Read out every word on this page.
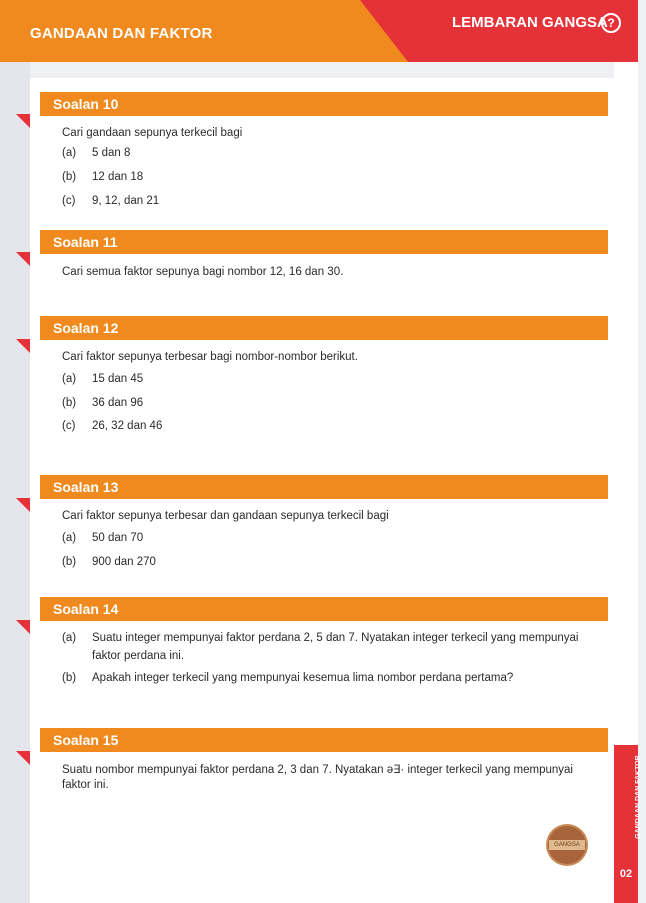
GANDAAN DAN FAKTOR
LEMBARAN GANGSA ?
GANDAAN DAN FAKTOR
02
Soalan 10
Cari gandaan sepunya terkecil bagi
(a) 5 dan 8
(b) 12 dan 18
(c) 9, 12, dan 21
Soalan 11
Cari semua faktor sepunya bagi nombor 12, 16 dan 30.
Soalan 12
Cari faktor sepunya terbesar bagi nombor-nombor berikut.
(a) 15 dan 45
(b) 36 dan 96
(c) 26, 32 dan 46
Soalan 13
Cari faktor sepunya terbesar dan gandaan sepunya terkecil bagi
(a) 50 dan 70
(b) 900 dan 270
Soalan 14
(a) Suatu integer mempunyai faktor perdana 2, 5 dan 7. Nyatakan integer terkecil yang mempunyai
faktor perdana ini.
(b) Apakah integer terkecil yang mempunyai kesemua lima nombor perdana pertama?
Soalan 15
Suatu nombor mempunyai faktor perdana 2, 3 dan 7. Nyatakan ə∃· integer terkecil yang mempunyai
faktor ini.
GANGSA
